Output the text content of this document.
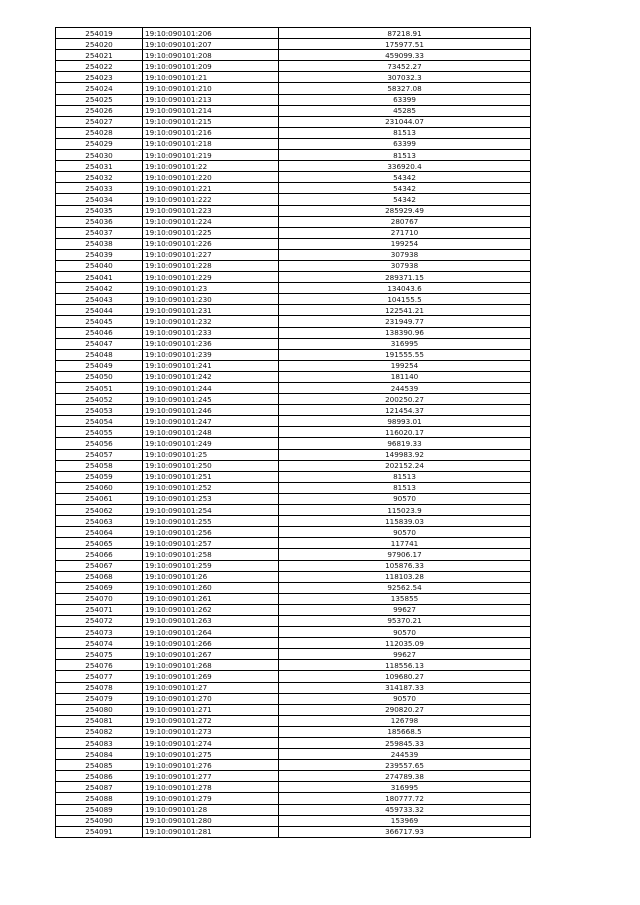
254019	19:10:090101:206	87218.91
254020	19:10:090101:207	175977.51
254021	19:10:090101:208	459099.33
254022	19:10:090101:209	73452.27
254023	19:10:090101:21	307032.3
254024	19:10:090101:210	58327.08
254025	19:10:090101:213	63399
254026	19:10:090101:214	45285
254027	19:10:090101:215	231044.07
254028	19:10:090101:216	81513
254029	19:10:090101:218	63399
254030	19:10:090101:219	81513
254031	19:10:090101:22	336920.4
254032	19:10:090101:220	54342
254033	19:10:090101:221	54342
254034	19:10:090101:222	54342
254035	19:10:090101:223	285929.49
254036	19:10:090101:224	280767
254037	19:10:090101:225	271710
254038	19:10:090101:226	199254
254039	19:10:090101:227	307938
254040	19:10:090101:228	307938
254041	19:10:090101:229	289371.15
254042	19:10:090101:23	134043.6
254043	19:10:090101:230	104155.5
254044	19:10:090101:231	122541.21
254045	19:10:090101:232	231949.77
254046	19:10:090101:233	138390.96
254047	19:10:090101:236	316995
254048	19:10:090101:239	191555.55
254049	19:10:090101:241	199254
254050	19:10:090101:242	181140
254051	19:10:090101:244	244539
254052	19:10:090101:245	200250.27
254053	19:10:090101:246	121454.37
254054	19:10:090101:247	98993.01
254055	19:10:090101:248	116020.17
254056	19:10:090101:249	96819.33
254057	19:10:090101:25	149983.92
254058	19:10:090101:250	202152.24
254059	19:10:090101:251	81513
254060	19:10:090101:252	81513
254061	19:10:090101:253	90570
254062	19:10:090101:254	115023.9
254063	19:10:090101:255	115839.03
254064	19:10:090101:256	90570
254065	19:10:090101:257	117741
254066	19:10:090101:258	97906.17
254067	19:10:090101:259	105876.33
254068	19:10:090101:26	118103.28
254069	19:10:090101:260	92562.54
254070	19:10:090101:261	135855
254071	19:10:090101:262	99627
254072	19:10:090101:263	95370.21
254073	19:10:090101:264	90570
254074	19:10:090101:266	112035.09
254075	19:10:090101:267	99627
254076	19:10:090101:268	118556.13
254077	19:10:090101:269	109680.27
254078	19:10:090101:27	314187.33
254079	19:10:090101:270	90570
254080	19:10:090101:271	290820.27
254081	19:10:090101:272	126798
254082	19:10:090101:273	185668.5
254083	19:10:090101:274	259845.33
254084	19:10:090101:275	244539
254085	19:10:090101:276	239557.65
254086	19:10:090101:277	274789.38
254087	19:10:090101:278	316995
254088	19:10:090101:279	180777.72
254089	19:10:090101:28	459733.32
254090	19:10:090101:280	153969
254091	19:10:090101:281	366717.93
